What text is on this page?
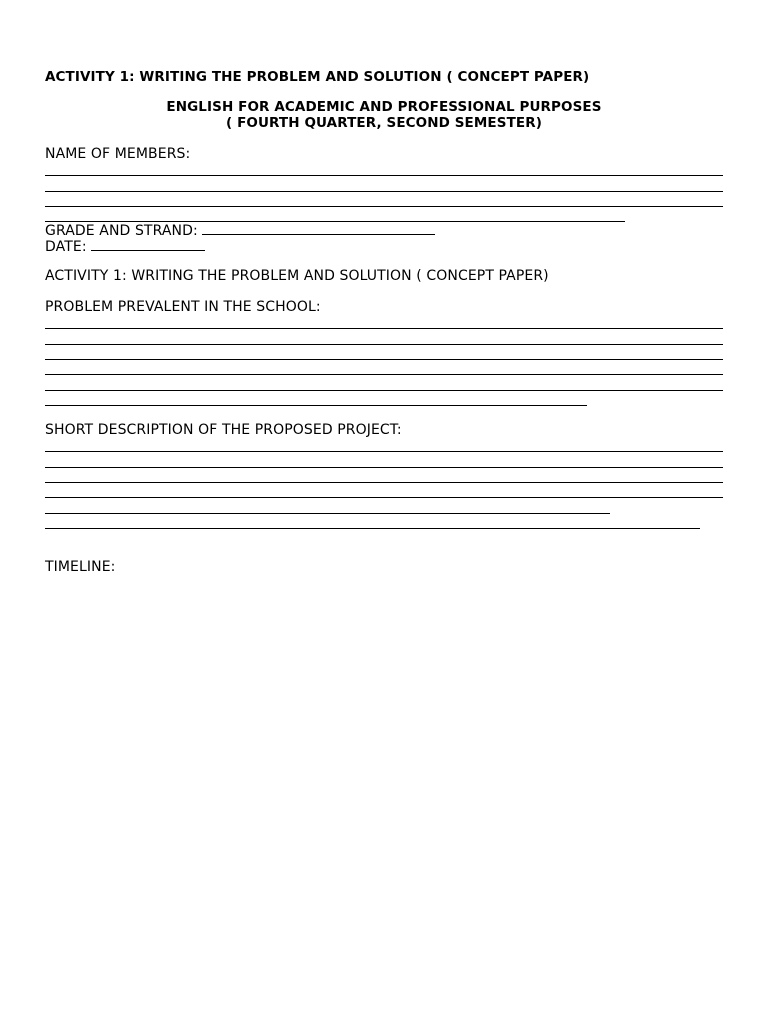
ACTIVITY 1: WRITING THE PROBLEM AND SOLUTION ( CONCEPT PAPER)
ENGLISH FOR ACADEMIC AND PROFESSIONAL PURPOSES
( FOURTH QUARTER, SECOND SEMESTER)
NAME OF MEMBERS:
GRADE AND STRAND:
DATE:
ACTIVITY 1: WRITING THE PROBLEM AND SOLUTION ( CONCEPT PAPER)
PROBLEM PREVALENT IN THE SCHOOL:
SHORT DESCRIPTION OF THE PROPOSED PROJECT:
TIMELINE:
